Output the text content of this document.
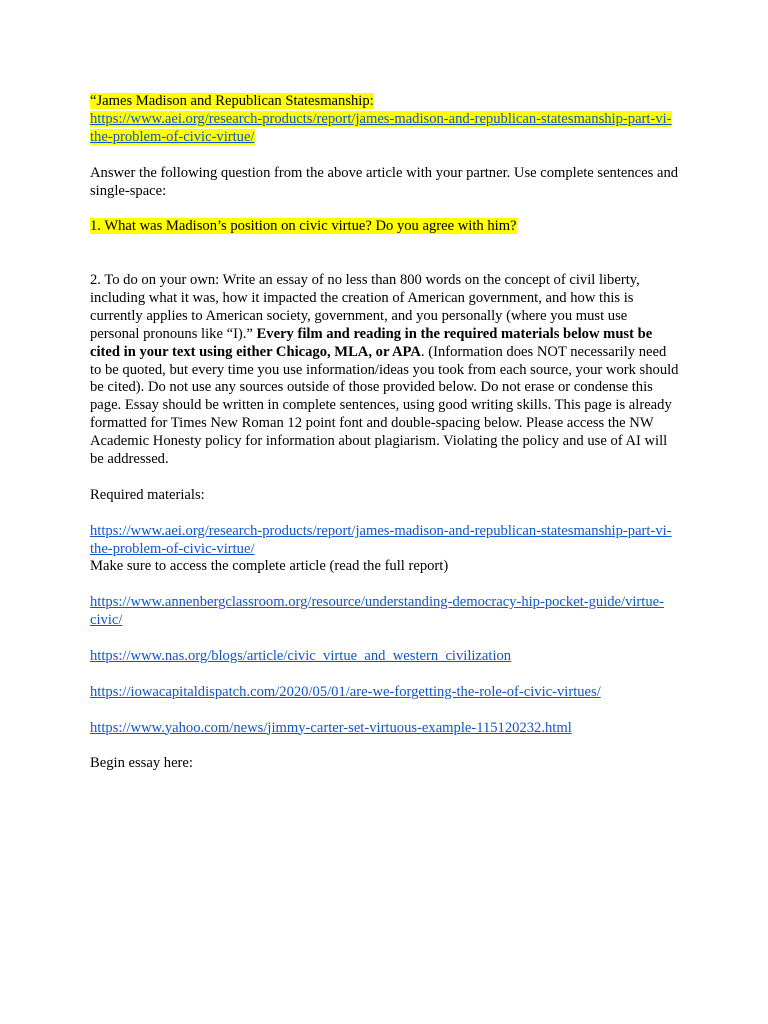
“James Madison and Republican Statesmanship:
https://www.aei.org/research-products/report/james-madison-and-republican-statesmanship-part-vi-the-problem-of-civic-virtue/

Answer the following question from the above article with your partner. Use complete sentences and single-space:

1. What was Madison’s position on civic virtue? Do you agree with him?

2. To do on your own: Write an essay of no less than 800 words on the concept of civil liberty, including what it was, how it impacted the creation of American government, and how this is currently applies to American society, government, and you personally (where you must use personal pronouns like “I).” Every film and reading in the required materials below must be cited in your text using either Chicago, MLA, or APA. (Information does NOT necessarily need to be quoted, but every time you use information/ideas you took from each source, your work should be cited). Do not use any sources outside of those provided below. Do not erase or condense this page. Essay should be written in complete sentences, using good writing skills. This page is already formatted for Times New Roman 12 point font and double-spacing below. Please access the NW Academic Honesty policy for information about plagiarism. Violating the policy and use of AI will be addressed.

Required materials:

https://www.aei.org/research-products/report/james-madison-and-republican-statesmanship-part-vi-the-problem-of-civic-virtue/
Make sure to access the complete article (read the full report)

https://www.annenbergclassroom.org/resource/understanding-democracy-hip-pocket-guide/virtue-civic/

https://www.nas.org/blogs/article/civic_virtue_and_western_civilization

https://iowacapitaldispatch.com/2020/05/01/are-we-forgetting-the-role-of-civic-virtues/

https://www.yahoo.com/news/jimmy-carter-set-virtuous-example-115120232.html

Begin essay here:
